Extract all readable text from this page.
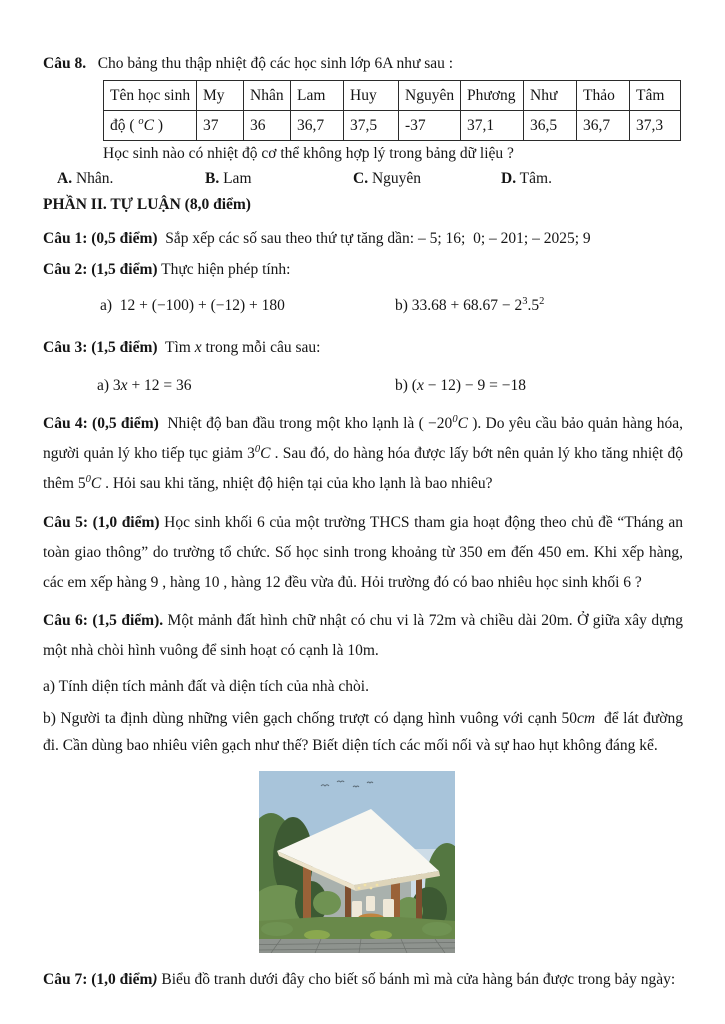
Câu 8.   Cho bảng thu thập nhiệt độ các học sinh lớp 6A như sau :

Tên học sinh	My	Nhân	Lam	Huy	Nguyên	Phương	Như	Thảo	Tâm
độ ( $^o$C )	37	36	36,7	37,5	-37	37,1	36,5	36,7	37,3

Học sinh nào có nhiệt độ cơ thể không hợp lý trong bảng dữ liệu ?

A. Nhân.	B. Lam	C. Nguyên	D. Tâm.

PHẦN II. TỰ LUẬN (8,0 điểm)

Câu 1: (0,5 điểm)  Sắp xếp các số sau theo thứ tự tăng dần: – 5; 16;  0; – 201; – 2025; 9

Câu 2: (1,5 điểm) Thực hiện phép tính:

a)  12 + (−100) + (−12) + 180	b) $33.68 + 68.67 - 2^3.5^2$

Câu 3: (1,5 điểm)  Tìm x trong mỗi câu sau:

a) 3x + 12 = 36	b) (x − 12) − 9 = −18

Câu 4: (0,5 điểm)  Nhiệt độ ban đầu trong một kho lạnh là ( $-20^0C$ ). Do yêu cầu bảo quản hàng hóa, người quản lý kho tiếp tục giảm $3^0C$ . Sau đó, do hàng hóa được lấy bớt nên quản lý kho tăng nhiệt độ thêm $5^0C$ . Hỏi sau khi tăng, nhiệt độ hiện tại của kho lạnh là bao nhiêu?

Câu 5: (1,0 điểm) Học sinh khối 6 của một trường THCS tham gia hoạt động theo chủ đề “Tháng an toàn giao thông” do trường tổ chức. Số học sinh trong khoảng từ 350 em đến 450 em. Khi xếp hàng, các em xếp hàng 9 , hàng 10 , hàng 12 đều vừa đủ. Hỏi trường đó có bao nhiêu học sinh khối 6 ?

Câu 6: (1,5 điểm). Một mảnh đất hình chữ nhật có chu vi là 72m và chiều dài 20m. Ở giữa xây dựng một nhà chòi hình vuông để sinh hoạt có cạnh là 10m.

a) Tính diện tích mảnh đất và diện tích của nhà chòi.

b) Người ta định dùng những viên gạch chống trượt có dạng hình vuông với cạnh 50cm  để lát đường đi. Cần dùng bao nhiêu viên gạch như thế? Biết diện tích các mối nối và sự hao hụt không đáng kể.

Câu 7: (1,0 điểm) Biểu đồ tranh dưới đây cho biết số bánh mì mà cửa hàng bán được trong bảy ngày:
